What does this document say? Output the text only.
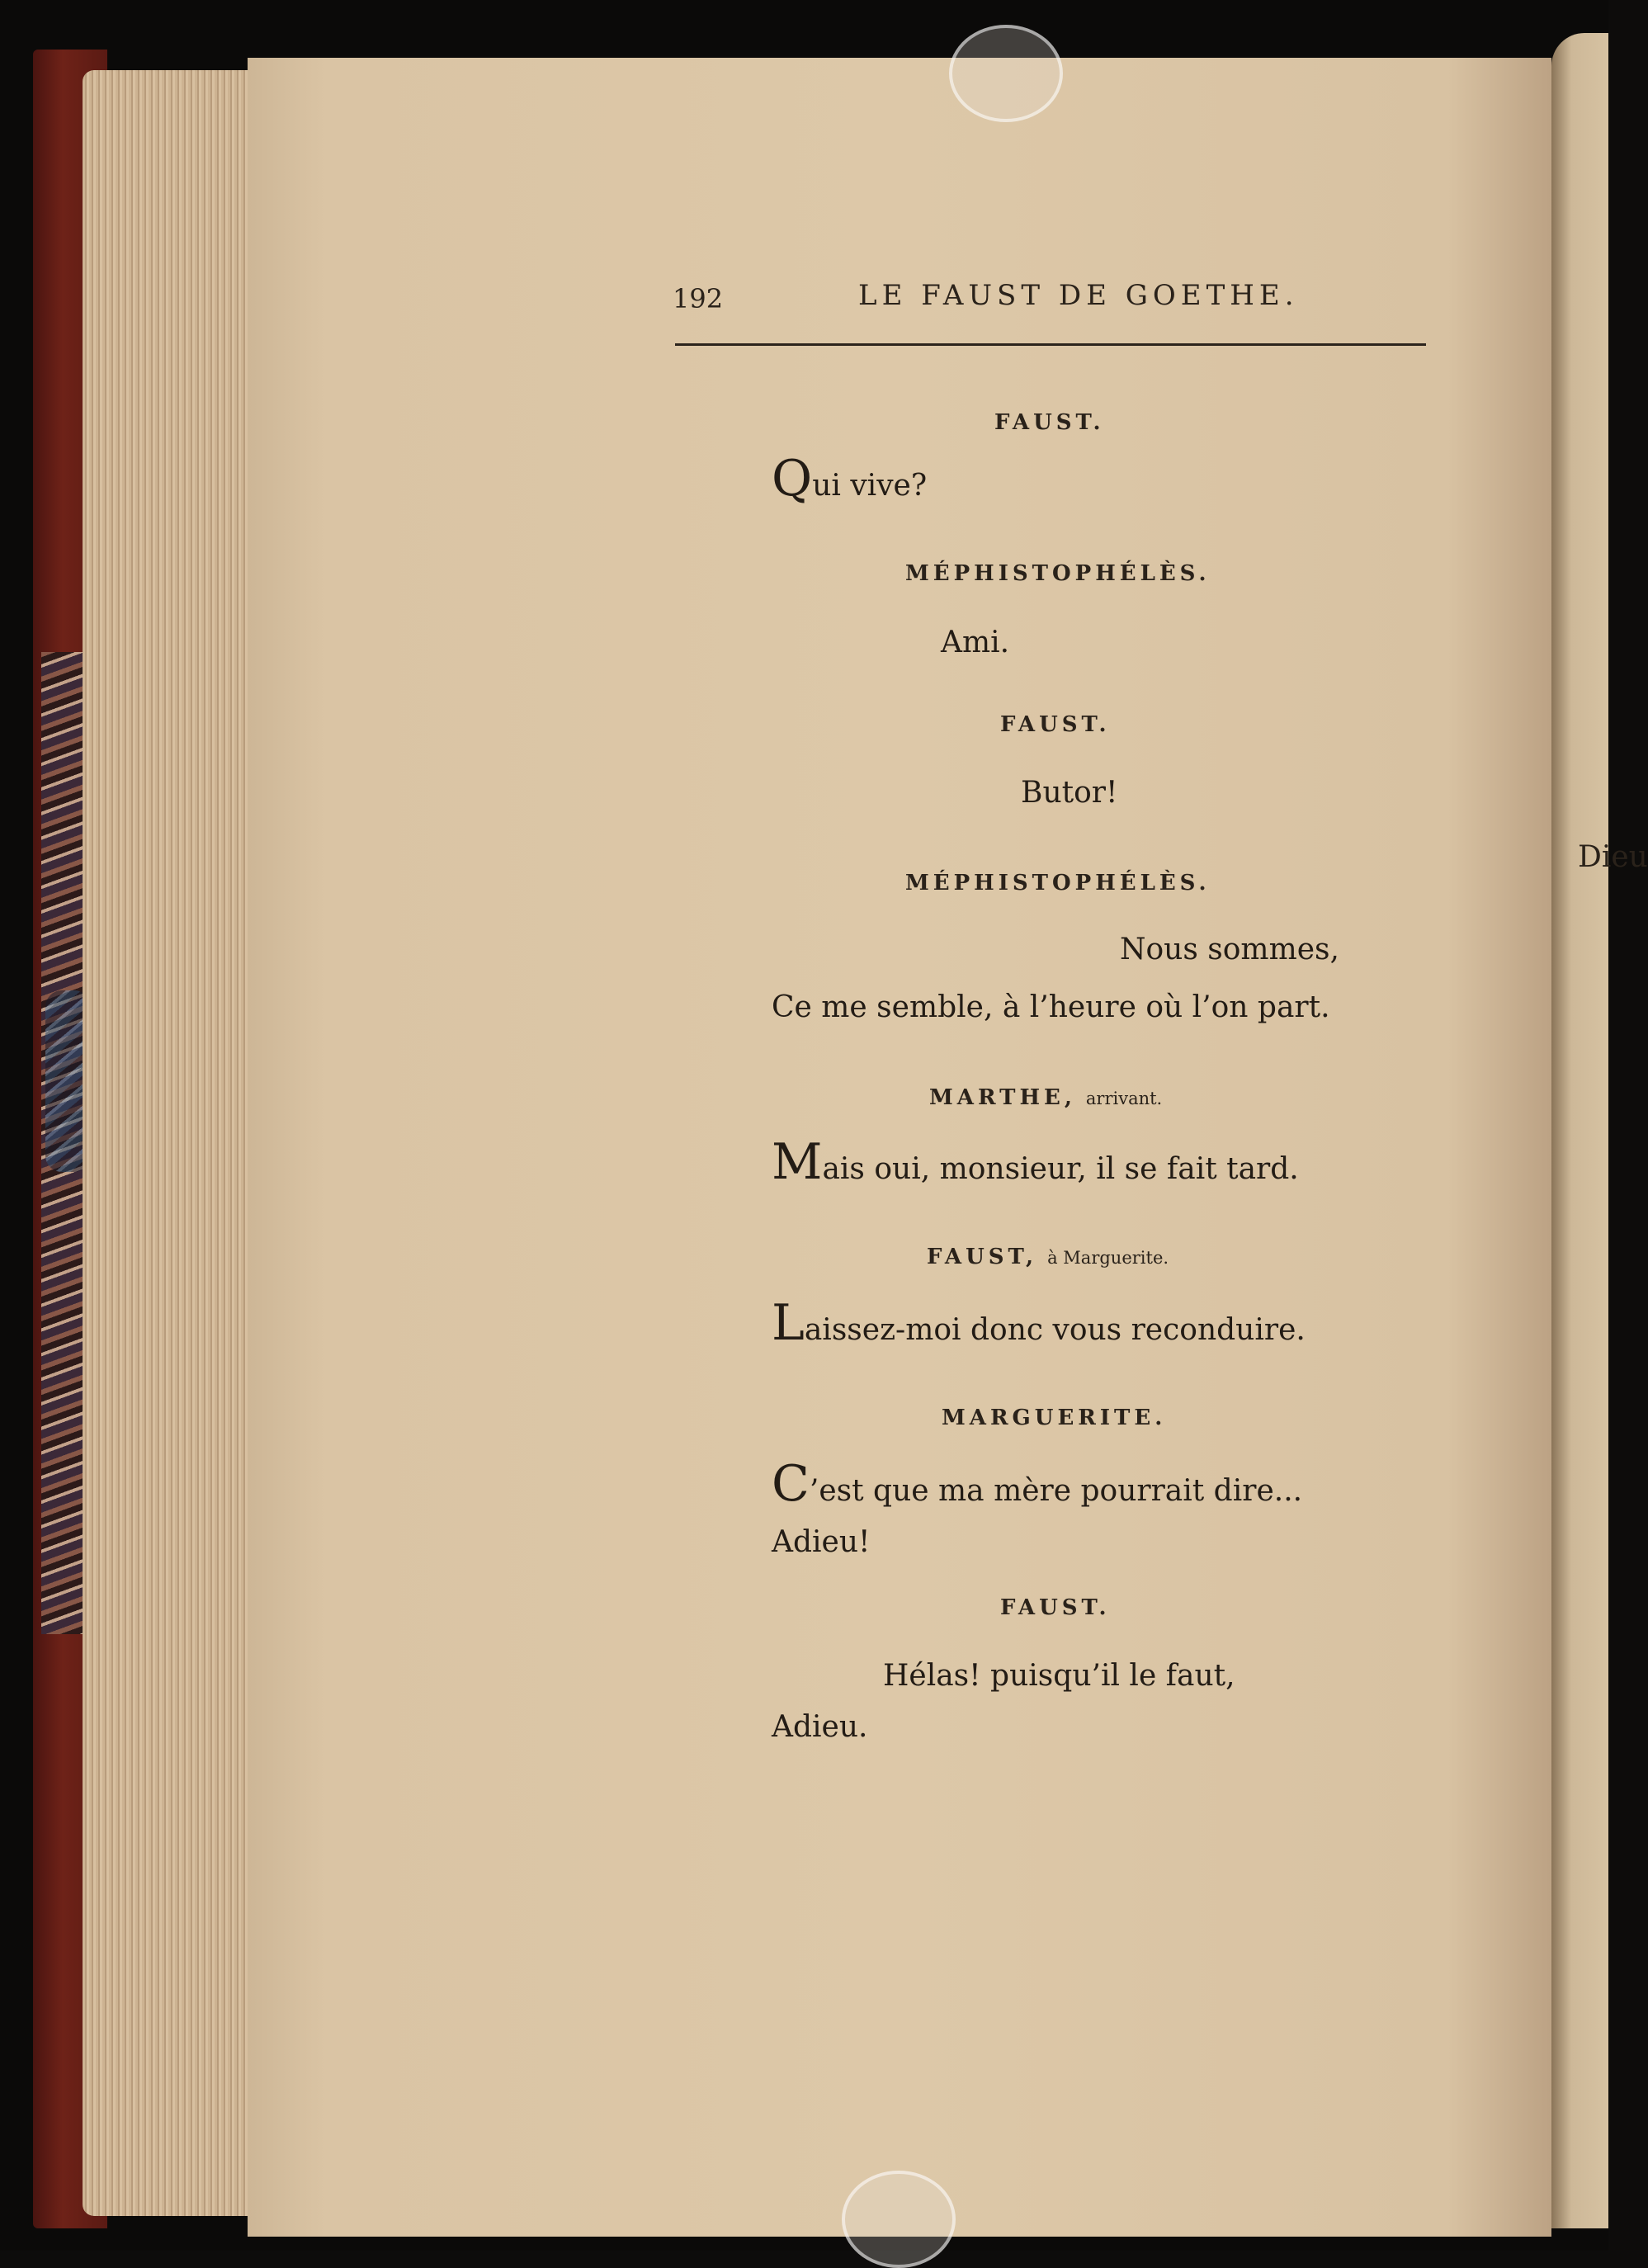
Dieu
192	LE FAUST DE GOETHE.
FAUST.
Qui vive?
MÉPHISTOPHÉLÈS.
Ami.
FAUST.
Butor!
MÉPHISTOPHÉLÈS.
Nous sommes,
Ce me semble, à l’heure où l’on part.
MARTHE, arrivant.
Mais oui, monsieur, il se fait tard.
FAUST, à Marguerite.
Laissez-moi donc vous reconduire.
MARGUERITE.
C’est que ma mère pourrait dire...
Adieu!
FAUST.
Hélas! puisqu’il le faut,
Adieu.
